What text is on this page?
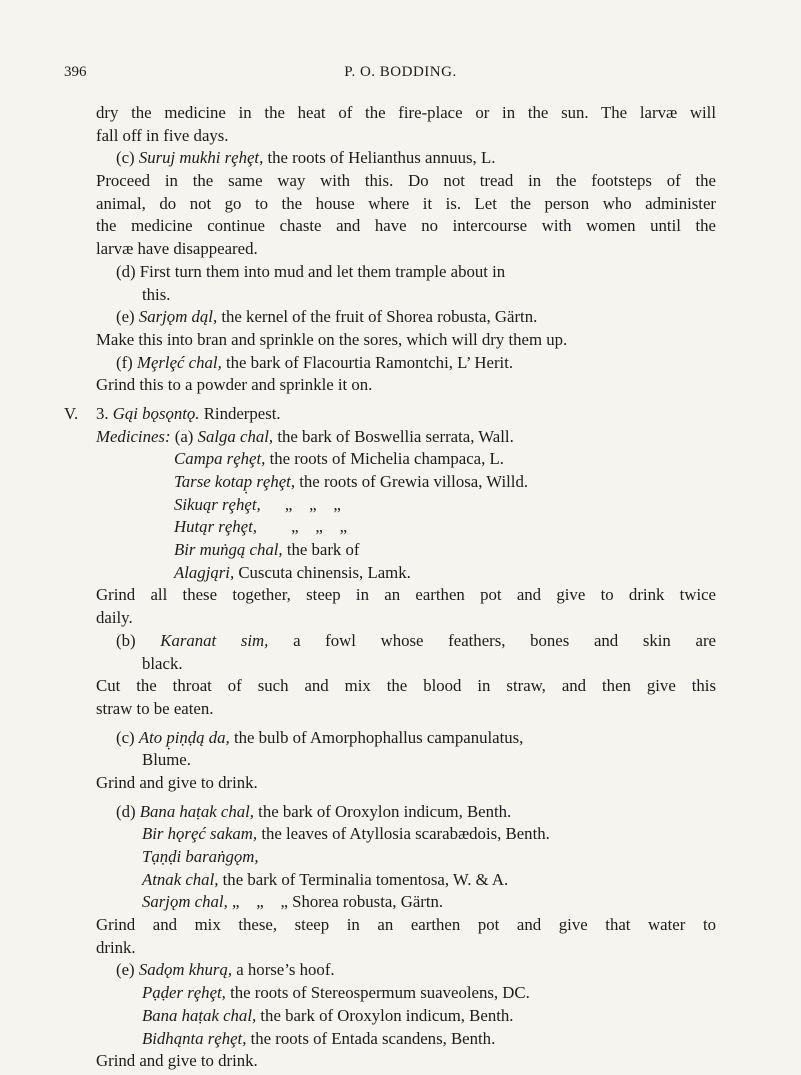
396	P. O. BODDING.
dry the medicine in the heat of the fire-place or in the sun. The larvæ will
fall off in five days.
(c) Suruj mukhi rȩhȩt, the roots of Helianthus annuus, L.
Proceed in the same way with this. Do not tread in the footsteps of the
animal, do not go to the house where it is. Let the person who administer
the medicine continue chaste and have no intercourse with women until the
larvæ have disappeared.
(d) First turn them into mud and let them trample about in
this.
(e) Sarjǫm dąl, the kernel of the fruit of Shorea robusta, Gärtn.
Make this into bran and sprinkle on the sores, which will dry them up.
(f) Mȩrlȩć chal, the bark of Flacourtia Ramontchi, L’ Herit.
Grind this to a powder and sprinkle it on.
V. 3. Gąi bǫsǫntǫ. Rinderpest.
Medicines: (a) Salga chal, the bark of Boswellia serrata, Wall.
Campa rȩhȩt, the roots of Michelia champaca, L.
Tarse kotap̣ rȩhȩt, the roots of Grewia villosa, Willd.
Sikuąr rȩhȩt, „    „    „
Hutąr rȩhȩt, „    „    „
Bir muṅgą chal, the bark of
Alagjąri, Cuscuta chinensis, Lamk.
Grind all these together, steep in an earthen pot and give to drink twice
daily.
(b) Karanat sim, a fowl whose feathers, bones and skin are
black.
Cut the throat of such and mix the blood in straw, and then give this
straw to be eaten.
(c) Ato p̣iṇḍą da, the bulb of Amorphophallus campanulatus,
Blume.
Grind and give to drink.
(d) Bana haṭak chal, the bark of Oroxylon indicum, Benth.
Bir hǫrȩć sakam, the leaves of Atyllosia scarabædois, Benth.
Tạṇḍi baraṅgǫm,
Atnak chal, the bark of Terminalia tomentosa, W. & A.
Sarjǫm chal, „    „    „ Shorea robusta, Gärtn.
Grind and mix these, steep in an earthen pot and give that water to
drink.
(e) Sadǫm khurą, a horse’s hoof.
Pạḍer rȩhȩt, the roots of Stereospermum suaveolens, DC.
Bana haṭak chal, the bark of Oroxylon indicum, Benth.
Bidhąnta rȩhȩt, the roots of Entada scandens, Benth.
Grind and give to drink.
